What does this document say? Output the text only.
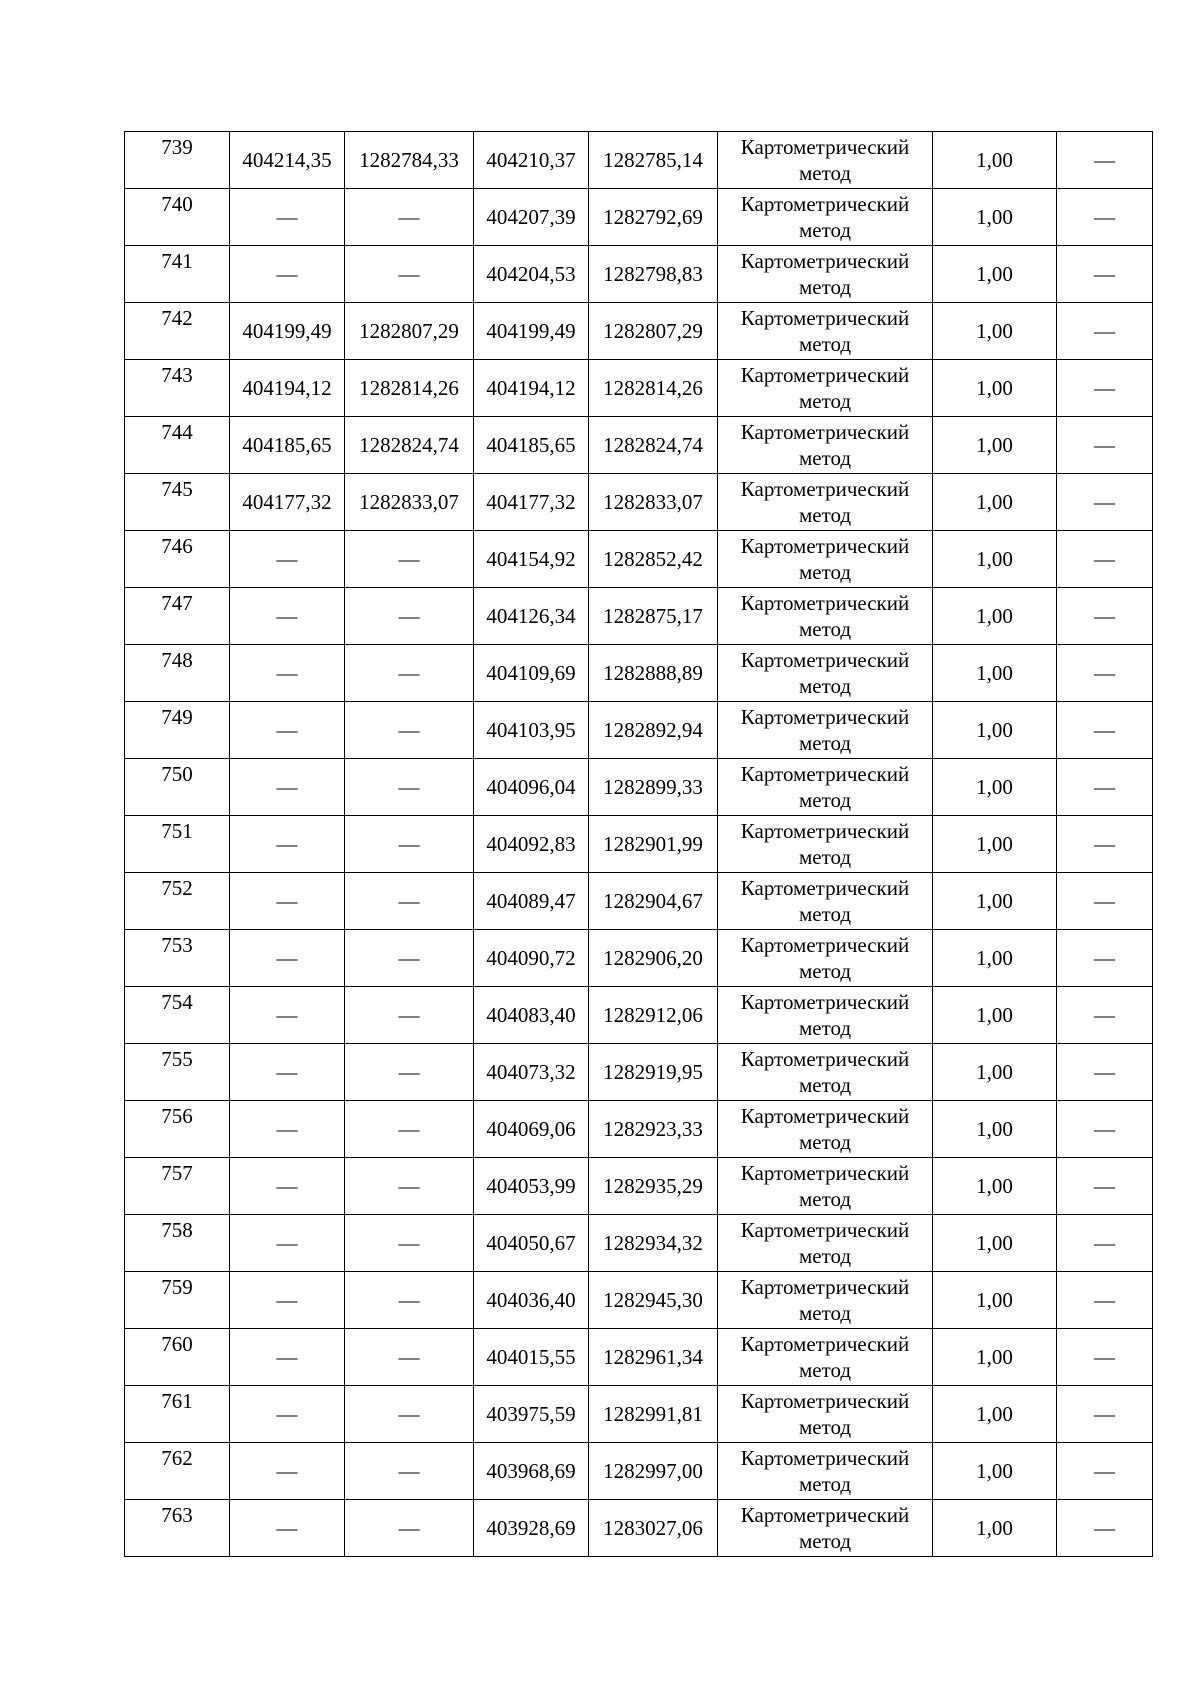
739	404214,35	1282784,33	404210,37	1282785,14	Картометрический метод	1,00	—
740	—	—	404207,39	1282792,69	Картометрический метод	1,00	—
741	—	—	404204,53	1282798,83	Картометрический метод	1,00	—
742	404199,49	1282807,29	404199,49	1282807,29	Картометрический метод	1,00	—
743	404194,12	1282814,26	404194,12	1282814,26	Картометрический метод	1,00	—
744	404185,65	1282824,74	404185,65	1282824,74	Картометрический метод	1,00	—
745	404177,32	1282833,07	404177,32	1282833,07	Картометрический метод	1,00	—
746	—	—	404154,92	1282852,42	Картометрический метод	1,00	—
747	—	—	404126,34	1282875,17	Картометрический метод	1,00	—
748	—	—	404109,69	1282888,89	Картометрический метод	1,00	—
749	—	—	404103,95	1282892,94	Картометрический метод	1,00	—
750	—	—	404096,04	1282899,33	Картометрический метод	1,00	—
751	—	—	404092,83	1282901,99	Картометрический метод	1,00	—
752	—	—	404089,47	1282904,67	Картометрический метод	1,00	—
753	—	—	404090,72	1282906,20	Картометрический метод	1,00	—
754	—	—	404083,40	1282912,06	Картометрический метод	1,00	—
755	—	—	404073,32	1282919,95	Картометрический метод	1,00	—
756	—	—	404069,06	1282923,33	Картометрический метод	1,00	—
757	—	—	404053,99	1282935,29	Картометрический метод	1,00	—
758	—	—	404050,67	1282934,32	Картометрический метод	1,00	—
759	—	—	404036,40	1282945,30	Картометрический метод	1,00	—
760	—	—	404015,55	1282961,34	Картометрический метод	1,00	—
761	—	—	403975,59	1282991,81	Картометрический метод	1,00	—
762	—	—	403968,69	1282997,00	Картометрический метод	1,00	—
763	—	—	403928,69	1283027,06	Картометрический метод	1,00	—
